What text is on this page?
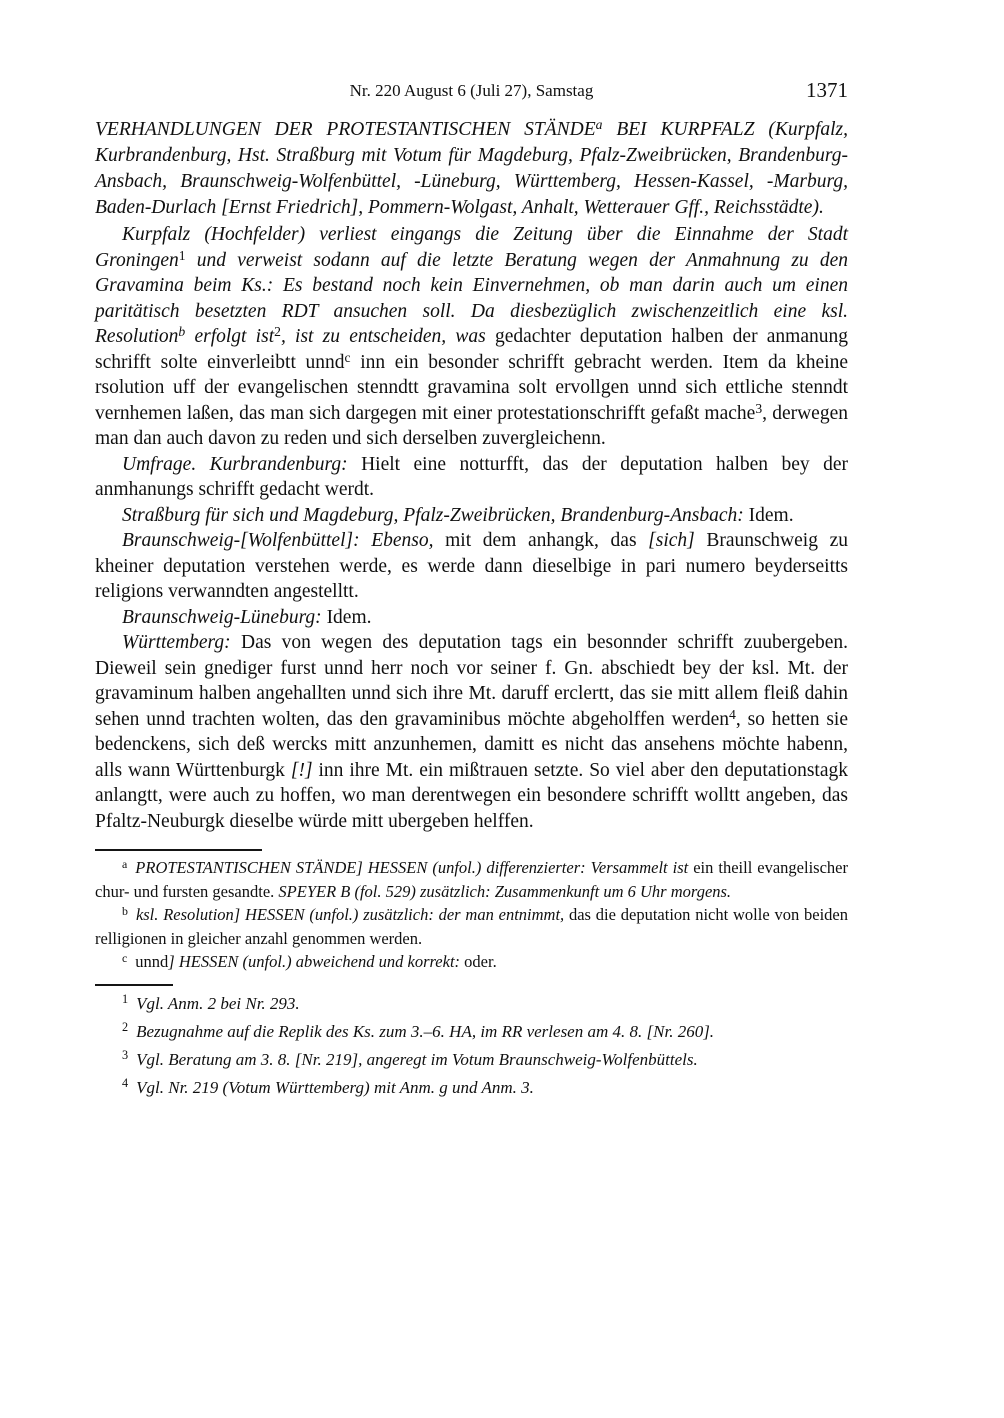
Nr. 220 August 6 (Juli 27), Samstag	1371

VERHANDLUNGEN DER PROTESTANTISCHEN STÄNDE$^a$ BEI KURPFALZ (Kurpfalz, Kurbrandenburg, Hst. Straßburg mit Votum für Magdeburg, Pfalz-Zweibrücken, Brandenburg-Ansbach, Braunschweig-Wolfenbüttel, -Lüneburg, Württemberg, Hessen-Kassel, -Marburg, Baden-Durlach [Ernst Friedrich], Pommern-Wolgast, Anhalt, Wetterauer Gff., Reichsstädte).

Kurpfalz (Hochfelder) verliest eingangs die Zeitung über die Einnahme der Stadt Groningen$^1$ und verweist sodann auf die letzte Beratung wegen der Anmahnung zu den Gravamina beim Ks.: Es bestand noch kein Einvernehmen, ob man darin auch um einen paritätisch besetzten RDT ansuchen soll. Da diesbezüglich zwischenzeitlich eine ksl. Resolution$^b$ erfolgt ist$^2$, ist zu entscheiden, was gedachter deputation halben der anmanung schrifft solte einverleibtt unnd$^c$ inn ein besonder schrifft gebracht werden. Item da kheine rsolution uff der evangelischen stenndtt gravamina solt ervollgen unnd sich ettliche stenndt vernhemen laßen, das man sich dargegen mit einer protestationschrifft gefaßt mache$^3$, derwegen man dan auch davon zu reden und sich derselben zuvergleichenn.

Umfrage. Kurbrandenburg: Hielt eine notturfft, das der deputation halben bey der anmhanungs schrifft gedacht werdt.

Straßburg für sich und Magdeburg, Pfalz-Zweibrücken, Brandenburg-Ansbach: Idem.

Braunschweig-[Wolfenbüttel]: Ebenso, mit dem anhangk, das [sich] Braunschweig zu kheiner deputation verstehen werde, es werde dann dieselbige in pari numero beyderseitts religions verwanndten angestelltt.

Braunschweig-Lüneburg: Idem.

Württemberg: Das von wegen des deputation tags ein besonnder schrifft zuubergeben. Dieweil sein gnediger furst unnd herr noch vor seiner f. Gn. abschiedt bey der ksl. Mt. der gravaminum halben angehallten unnd sich ihre Mt. daruff erclertt, das sie mitt allem fleiß dahin sehen unnd trachten wolten, das den gravaminibus möchte abgeholffen werden$^4$, so hetten sie bedenckens, sich deß wercks mitt anzunhemen, damitt es nicht das ansehens möchte habenn, alls wann Württenburgk [!] inn ihre Mt. ein mißtrauen setzte. So viel aber den deputationstagk anlangtt, were auch zu hoffen, wo man derentwegen ein besondere schrifft wolltt angeben, das Pfaltz-Neuburgk dieselbe würde mitt ubergeben helffen.

$^a$ PROTESTANTISCHEN STÄNDE] HESSEN (unfol.) differenzierter: Versammelt ist ein theill evangelischer chur- und fursten gesandte. SPEYER B (fol. 529) zusätzlich: Zusammenkunft um 6 Uhr morgens.

$^b$ ksl. Resolution] HESSEN (unfol.) zusätzlich: der man entnimmt, das die deputation nicht wolle von beiden relligionen in gleicher anzahl genommen werden.

$^c$ unnd] HESSEN (unfol.) abweichend und korrekt: oder.

$^1$ Vgl. Anm. 2 bei Nr. 293.

$^2$ Bezugnahme auf die Replik des Ks. zum 3.–6. HA, im RR verlesen am 4. 8. [Nr. 260].

$^3$ Vgl. Beratung am 3. 8. [Nr. 219], angeregt im Votum Braunschweig-Wolfenbüttels.

$^4$ Vgl. Nr. 219 (Votum Württemberg) mit Anm. g und Anm. 3.
